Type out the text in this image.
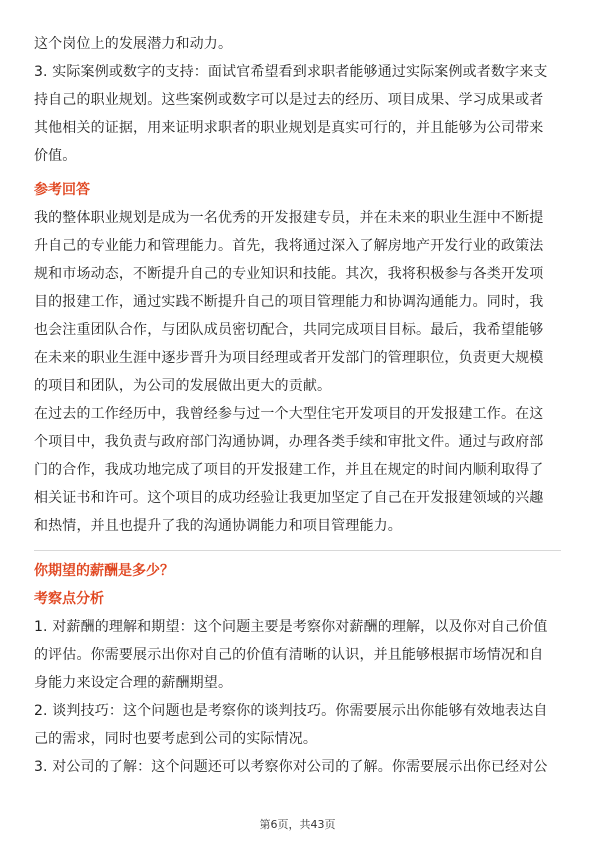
这个岗位上的发展潜力和动力。

3. 实际案例或数字的支持：面试官希望看到求职者能够通过实际案例或者数字来支

持自己的职业规划。这些案例或数字可以是过去的经历、项目成果、学习成果或者

其他相关的证据，用来证明求职者的职业规划是真实可行的，并且能够为公司带来

价值。

参考回答

我的整体职业规划是成为一名优秀的开发报建专员，并在未来的职业生涯中不断提

升自己的专业能力和管理能力。首先，我将通过深入了解房地产开发行业的政策法

规和市场动态，不断提升自己的专业知识和技能。其次，我将积极参与各类开发项

目的报建工作，通过实践不断提升自己的项目管理能力和协调沟通能力。同时，我

也会注重团队合作，与团队成员密切配合，共同完成项目目标。最后，我希望能够

在未来的职业生涯中逐步晋升为项目经理或者开发部门的管理职位，负责更大规模

的项目和团队，为公司的发展做出更大的贡献。

在过去的工作经历中，我曾经参与过一个大型住宅开发项目的开发报建工作。在这

个项目中，我负责与政府部门沟通协调，办理各类手续和审批文件。通过与政府部

门的合作，我成功地完成了项目的开发报建工作，并且在规定的时间内顺利取得了

相关证书和许可。这个项目的成功经验让我更加坚定了自己在开发报建领域的兴趣

和热情，并且也提升了我的沟通协调能力和项目管理能力。

你期望的薪酬是多少？
考察点分析

1. 对薪酬的理解和期望：这个问题主要是考察你对薪酬的理解，以及你对自己价值

的评估。你需要展示出你对自己的价值有清晰的认识，并且能够根据市场情况和自

身能力来设定合理的薪酬期望。

2. 谈判技巧：这个问题也是考察你的谈判技巧。你需要展示出你能够有效地表达自

己的需求，同时也要考虑到公司的实际情况。

3. 对公司的了解：这个问题还可以考察你对公司的了解。你需要展示出你已经对公

第6页，共43页
